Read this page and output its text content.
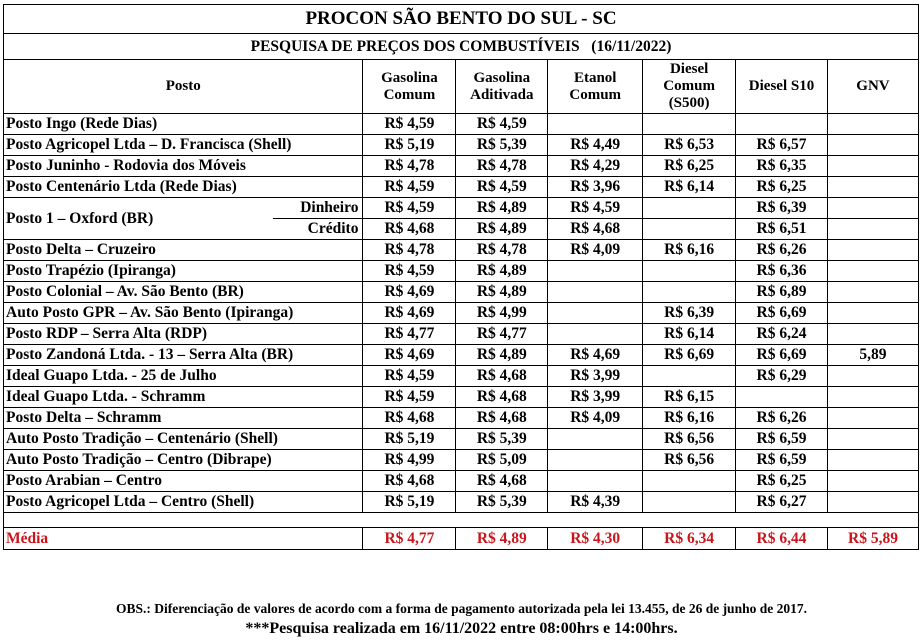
PROCON SÃO BENTO DO SUL - SC							
PESQUISA DE PREÇOS DOS COMBUSTÍVEIS   (16/11/2022)							
Posto		Gasolina Comum	Gasolina Aditivada	Etanol Comum	Diesel Comum (S500)	Diesel S10	GNV
Posto Ingo (Rede Dias)		R$ 4,59	R$ 4,59				
Posto Agricopel Ltda – D. Francisca (Shell)		R$ 5,19	R$ 5,39	R$ 4,49	R$ 6,53	R$ 6,57	
Posto Juninho - Rodovia dos Móveis		R$ 4,78	R$ 4,78	R$ 4,29	R$ 6,25	R$ 6,35	
Posto Centenário Ltda (Rede Dias)		R$ 4,59	R$ 4,59	R$ 3,96	R$ 6,14	R$ 6,25	
Posto 1 – Oxford (BR)	Dinheiro	R$ 4,59	R$ 4,89	R$ 4,59		R$ 6,39	
	Crédito	R$ 4,68	R$ 4,89	R$ 4,68		R$ 6,51	
Posto Delta – Cruzeiro		R$ 4,78	R$ 4,78	R$ 4,09	R$ 6,16	R$ 6,26	
Posto Trapézio (Ipiranga)		R$ 4,59	R$ 4,89			R$ 6,36	
Posto Colonial – Av. São Bento (BR)		R$ 4,69	R$ 4,89			R$ 6,89	
Auto Posto GPR – Av. São Bento (Ipiranga)		R$ 4,69	R$ 4,99		R$ 6,39	R$ 6,69	
Posto RDP – Serra Alta (RDP)		R$ 4,77	R$ 4,77		R$ 6,14	R$ 6,24	
Posto Zandoná Ltda. - 13 – Serra Alta (BR)		R$ 4,69	R$ 4,89	R$ 4,69	R$ 6,69	R$ 6,69	5,89
Ideal Guapo Ltda. - 25 de Julho		R$ 4,59	R$ 4,68	R$ 3,99		R$ 6,29	
Ideal Guapo Ltda. - Schramm		R$ 4,59	R$ 4,68	R$ 3,99	R$ 6,15		
Posto Delta – Schramm		R$ 4,68	R$ 4,68	R$ 4,09	R$ 6,16	R$ 6,26	
Auto Posto Tradição – Centenário (Shell)		R$ 5,19	R$ 5,39		R$ 6,56	R$ 6,59	
Auto Posto Tradição – Centro (Dibrape)		R$ 4,99	R$ 5,09		R$ 6,56	R$ 6,59	
Posto Arabian – Centro		R$ 4,68	R$ 4,68			R$ 6,25	
Posto Agricopel Ltda – Centro (Shell)		R$ 5,19	R$ 5,39	R$ 4,39		R$ 6,27	

Média		R$ 4,77	R$ 4,89	R$ 4,30	R$ 6,34	R$ 6,44	R$ 5,89
OBS.: Diferenciação de valores de acordo com a forma de pagamento autorizada pela lei 13.455, de 26 de junho de 2017.
***Pesquisa realizada em 16/11/2022 entre 08:00hrs e 14:00hrs.
